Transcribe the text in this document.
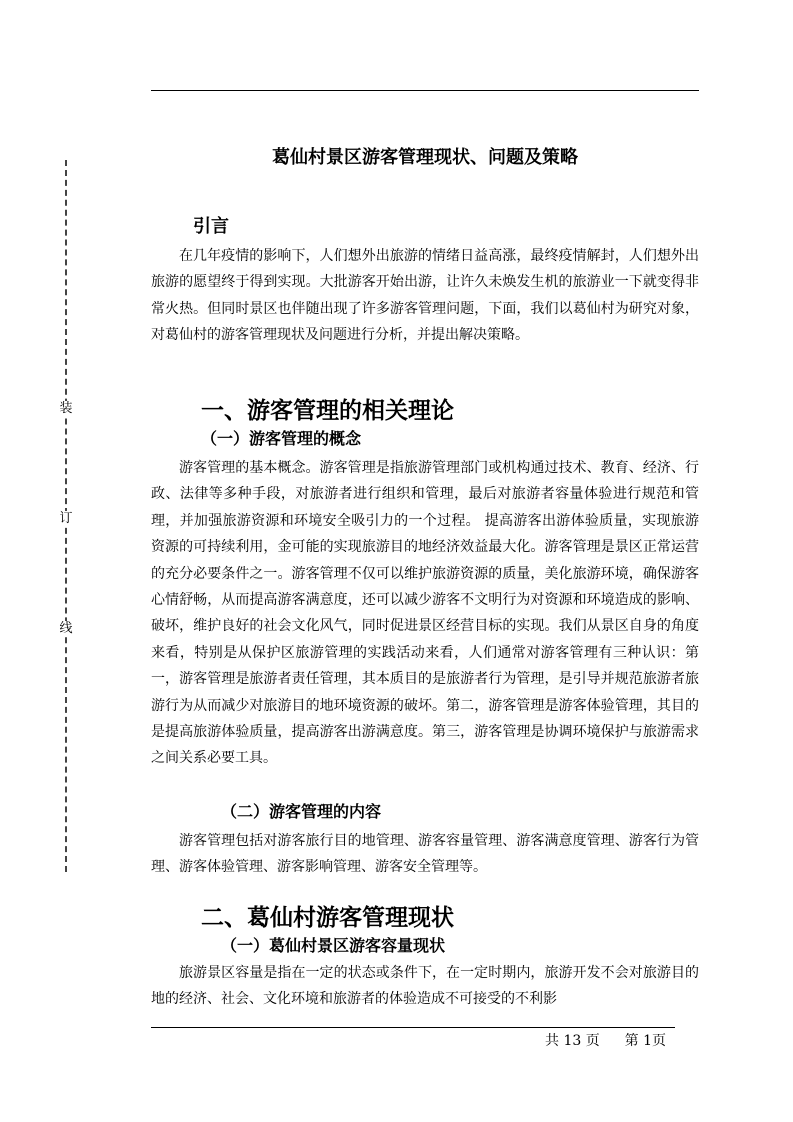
装
订
线
葛仙村景区游客管理现状、问题及策略
引言

在几年疫情的影响下，人们想外出旅游的情绪日益高涨，最终疫情解封，人们想外出旅游的愿望终于得到实现。大批游客开始出游，让许久未焕发生机的旅游业一下就变得非常火热。但同时景区也伴随出现了许多游客管理问题，下面，我们以葛仙村为研究对象，对葛仙村的游客管理现状及问题进行分析，并提出解决策略。

一、游客管理的相关理论
（一）游客管理的概念

游客管理的基本概念。游客管理是指旅游管理部门或机构通过技术、教育、经济、行政、法律等多种手段，对旅游者进行组织和管理，最后对旅游者容量体验进行规范和管理，并加强旅游资源和环境安全吸引力的一个过程。 提高游客出游体验质量，实现旅游资源的可持续利用，金可能的实现旅游目的地经济效益最大化。游客管理是景区正常运营的充分必要条件之一。游客管理不仅可以维护旅游资源的质量，美化旅游环境，确保游客心情舒畅，从而提高游客满意度，还可以减少游客不文明行为对资源和环境造成的影响、破坏，维护良好的社会文化风气，同时促进景区经营目标的实现。我们从景区自身的角度来看，特别是从保护区旅游管理的实践活动来看，人们通常对游客管理有三种认识：第一，游客管理是旅游者责任管理，其本质目的是旅游者行为管理，是引导并规范旅游者旅游行为从而减少对旅游目的地环境资源的破坏。第二，游客管理是游客体验管理，其目的是提高旅游体验质量，提高游客出游满意度。第三，游客管理是协调环境保护与旅游需求之间关系必要工具。

（二）游客管理的内容

游客管理包括对游客旅行目的地管理、游客容量管理、游客满意度管理、游客行为管理、游客体验管理、游客影响管理、游客安全管理等。

二、葛仙村游客管理现状
（一）葛仙村景区游客容量现状

旅游景区容量是指在一定的状态或条件下，在一定时期内，旅游开发不会对旅游目的地的经济、社会、文化环境和旅游者的体验造成不可接受的不利影

共 13 页 第 1页
